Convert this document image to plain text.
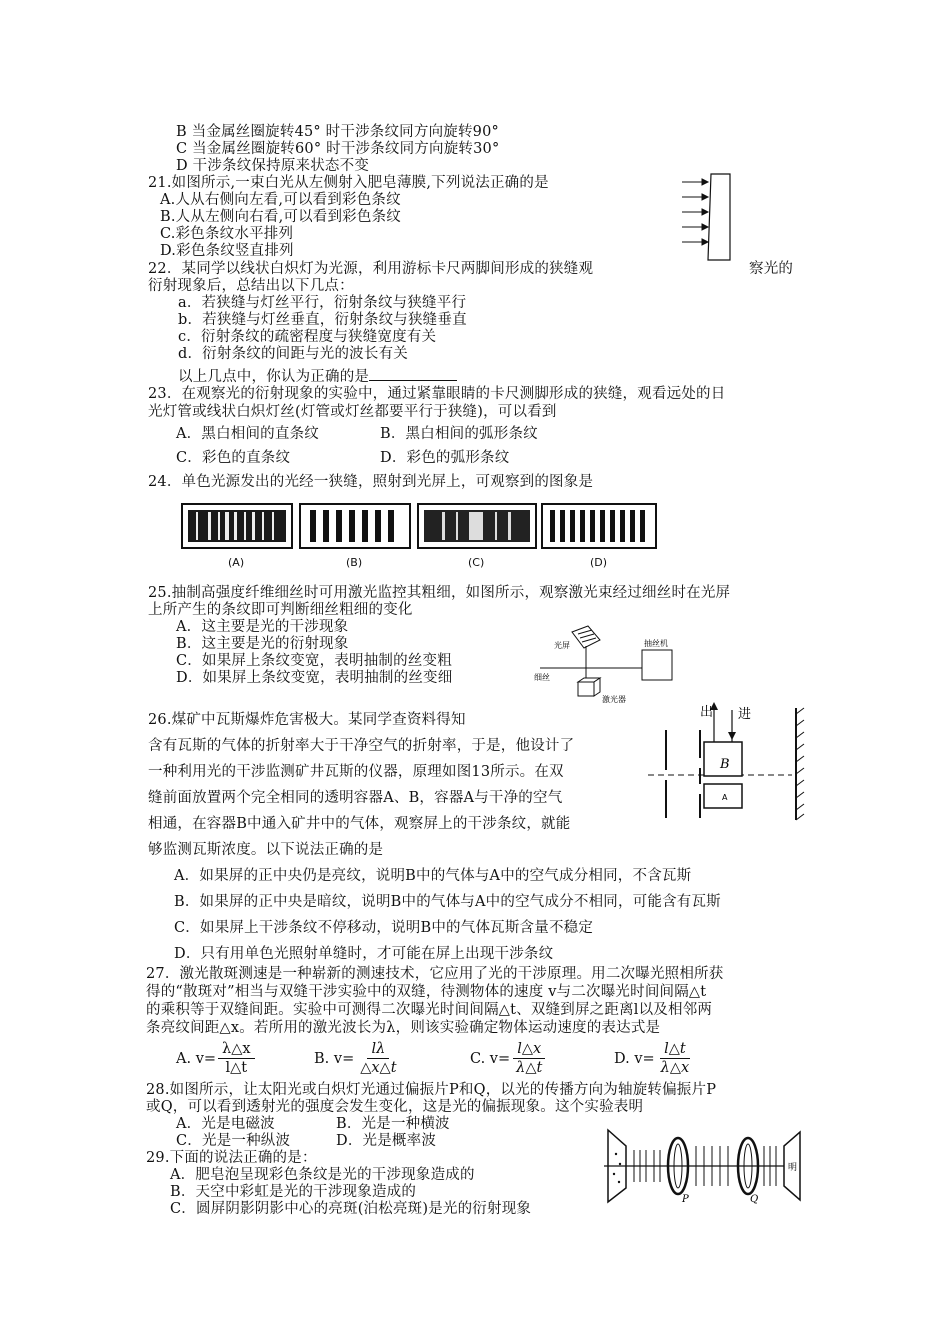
B 当金属丝圈旋转45° 时干涉条纹同方向旋转90°
C 当金属丝圈旋转60° 时干涉条纹同方向旋转30°
D 干涉条纹保持原来状态不变
21.如图所示,一束白光从左侧射入肥皂薄膜,下列说法正确的是
A.人从右侧向左看,可以看到彩色条纹
B.人从左侧向右看,可以看到彩色条纹
C.彩色条纹水平排列
D.彩色条纹竖直排列
22．某同学以线状白炽灯为光源，利用游标卡尺两脚间形成的狭缝观	察光的
衍射现象后，总结出以下几点：
a．若狭缝与灯丝平行，衍射条纹与狭缝平行
b．若狭缝与灯丝垂直，衍射条纹与狭缝垂直
c．衍射条纹的疏密程度与狭缝宽度有关
d．衍射条纹的间距与光的波长有关
以上几点中，你认为正确的是
23．在观察光的衍射现象的实验中，通过紧靠眼睛的卡尺测脚形成的狭缝，观看远处的日
光灯管或线状白炽灯丝(灯管或灯丝都要平行于狭缝)，可以看到
A．黑白相间的直条纹	B．黑白相间的弧形条纹
C．彩色的直条纹	D．彩色的弧形条纹
24．单色光源发出的光经一狭缝，照射到光屏上，可观察到的图象是
(A)	(B)	(C)	(D)
25.抽制高强度纤维细丝时可用激光监控其粗细，如图所示，观察激光束经过细丝时在光屏
上所产生的条纹即可判断细丝粗细的变化
A．这主要是光的干涉现象
B．这主要是光的衍射现象
C．如果屏上条纹变宽，表明抽制的丝变粗
D．如果屏上条纹变宽，表明抽制的丝变细
光屏	抽丝机
细丝
激光器
26.煤矿中瓦斯爆炸危害极大。某同学查资料得知
含有瓦斯的气体的折射率大于干净空气的折射率，于是，他设计了
一种利用光的干涉监测矿井瓦斯的仪器，原理如图13所示。在双
缝前面放置两个完全相同的透明容器A、B，容器A与干净的空气
相通，在容器B中通入矿井中的气体，观察屏上的干涉条纹，就能
够监测瓦斯浓度。以下说法正确的是
A．如果屏的正中央仍是亮纹，说明B中的气体与A中的空气成分相同，不含瓦斯
B．如果屏的正中央是暗纹，说明B中的气体与A中的空气成分不相同，可能含有瓦斯
C．如果屏上干涉条纹不停移动，说明B中的气体瓦斯含量不稳定
D．只有用单色光照射单缝时，才可能在屏上出现干涉条纹
出 进
B
A
27．激光散斑测速是一种崭新的测速技术，它应用了光的干涉原理。用二次曝光照相所获
得的“散斑对”相当与双缝干涉实验中的双缝，待测物体的速度 v与二次曝光时间间隔△t
的乘积等于双缝间距。实验中可测得二次曝光时间间隔△t、双缝到屏之距离l以及相邻两
条亮纹间距△x。若所用的激光波长为λ，则该实验确定物体运动速度的表达式是
A. $v= \frac{\lambda\triangle x}{l\triangle t}$	B. $v= \frac{l\lambda}{\triangle x\triangle t}$	C. $v= \frac{l\triangle x}{\lambda\triangle t}$	D. $v= \frac{l\triangle t}{\lambda\triangle x}$
28.如图所示，让太阳光或白炽灯光通过偏振片P和Q，以光的传播方向为轴旋转偏振片P
或Q，可以看到透射光的强度会发生变化，这是光的偏振现象。这个实验表明
A．光是电磁波	B．光是一种横波
C．光是一种纵波	D．光是概率波
P	Q
明
29.下面的说法正确的是：
A．肥皂泡呈现彩色条纹是光的干涉现象造成的
B．天空中彩虹是光的干涉现象造成的
C．圆屏阴影阴影中心的亮斑(泊松亮斑)是光的衍射现象
